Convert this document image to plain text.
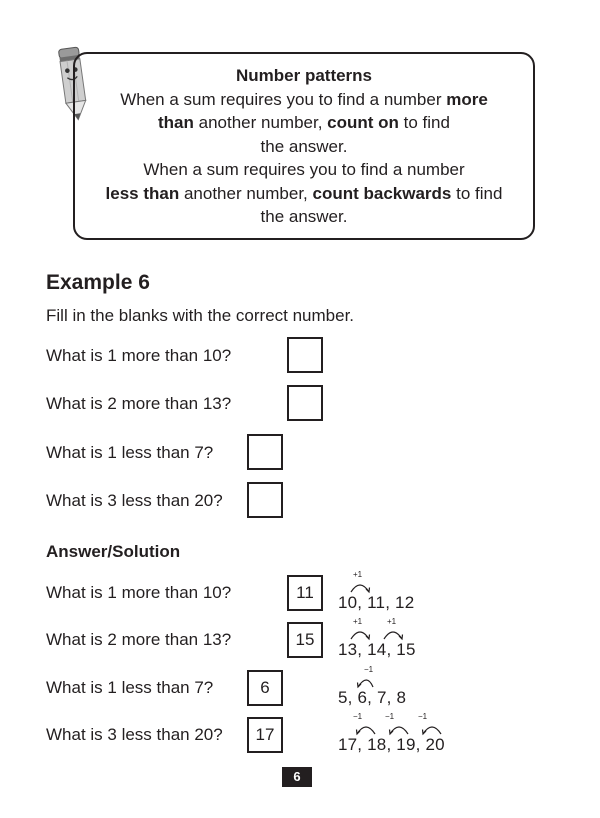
Number patterns
When a sum requires you to find a number more
than another number, count on to find
the answer.
When a sum requires you to find a number
less than another number, count backwards to find
the answer.
Example 6
Fill in the blanks with the correct number.
What is 1 more than 10?
What is 2 more than 13?
What is 1 less than 7?
What is 3 less than 20?
Answer/Solution
What is 1 more than 10?	11
+1
10, 11, 12
What is 2 more than 13?	15
+1	+1
13, 14, 15
What is 1 less than 7?	6
−1
5, 6, 7, 8
What is 3 less than 20?	17
−1	−1	−1
17, 18, 19, 20
6
